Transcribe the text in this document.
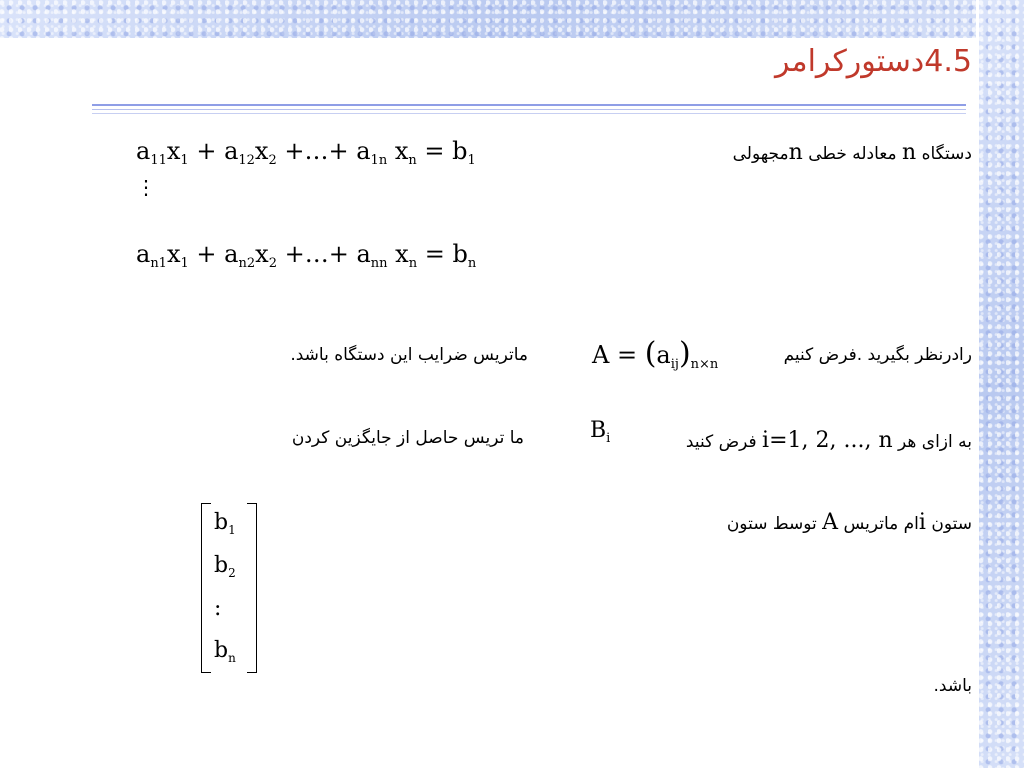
4.5دستورکرامر
$a_{11}x_1 + a_{12}x_2$ +…+ $a_{1n}$ $x_n = b_1$
⋮
$a_{n1}x_1 + a_{n2}x_2$ +…+ $a_{nn}$ $x_n = b_n$
دستگاه n معادله خطی nمجهولی
رادرنظر بگیرید .فرض کنیم
$A = (a_{ij})_{n\times n}$
ماتریس ضرایب این دستگاه باشد.
به ازای هر i=1, 2, ..., n فرض کنید
$B_i$
ما تریس حاصل از جایگزین کردن
ستون iام ماتریس A توسط ستون
$b_1$
$b_2$
:
$b_n$
باشد.
